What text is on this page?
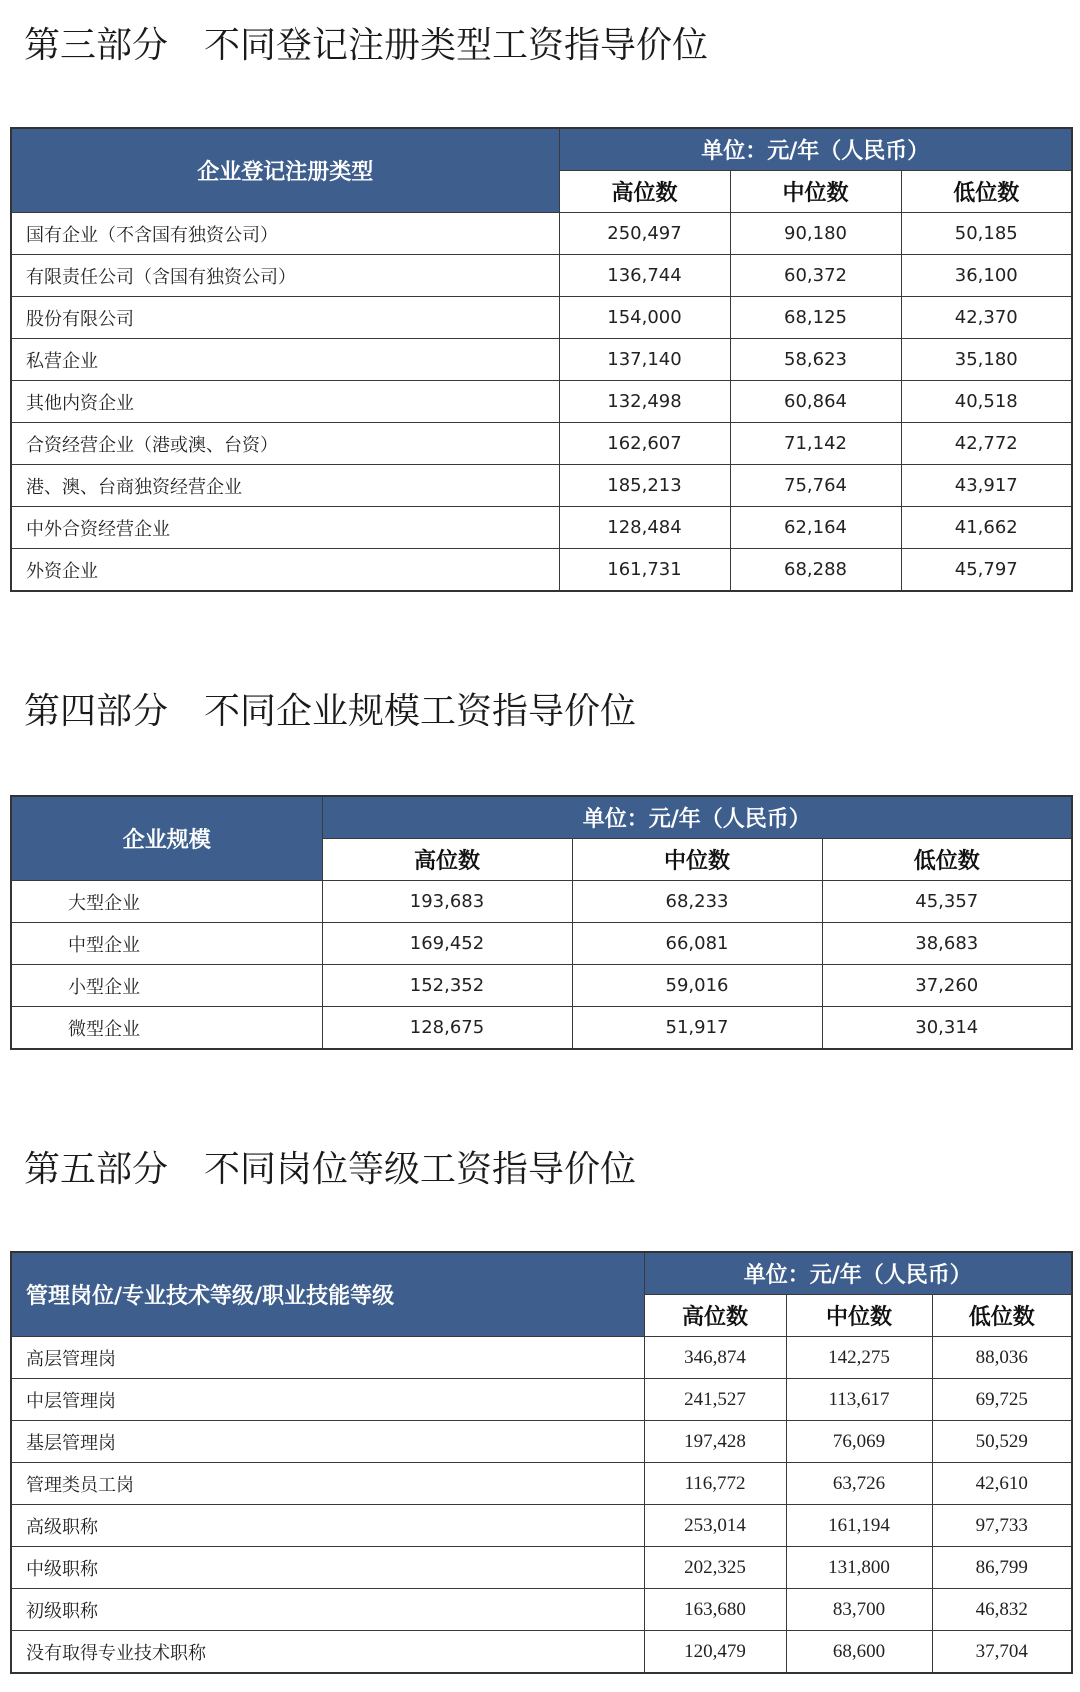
第三部分　不同登记注册类型工资指导价位
企业登记注册类型	单位：元/年（人民币）		
	高位数	中位数	低位数
国有企业（不含国有独资公司）	250,497	90,180	50,185
有限责任公司（含国有独资公司）	136,744	60,372	36,100
股份有限公司	154,000	68,125	42,370
私营企业	137,140	58,623	35,180
其他内资企业	132,498	60,864	40,518
合资经营企业（港或澳、台资）	162,607	71,142	42,772
港、澳、台商独资经营企业	185,213	75,764	43,917
中外合资经营企业	128,484	62,164	41,662
外资企业	161,731	68,288	45,797
第四部分　不同企业规模工资指导价位
企业规模	单位：元/年（人民币）		
	高位数	中位数	低位数
大型企业	193,683	68,233	45,357
中型企业	169,452	66,081	38,683
小型企业	152,352	59,016	37,260
微型企业	128,675	51,917	30,314
第五部分　不同岗位等级工资指导价位
管理岗位/专业技术等级/职业技能等级	单位：元/年（人民币）		
	高位数	中位数	低位数
高层管理岗	346,874	142,275	88,036
中层管理岗	241,527	113,617	69,725
基层管理岗	197,428	76,069	50,529
管理类员工岗	116,772	63,726	42,610
高级职称	253,014	161,194	97,733
中级职称	202,325	131,800	86,799
初级职称	163,680	83,700	46,832
没有取得专业技术职称	120,479	68,600	37,704
